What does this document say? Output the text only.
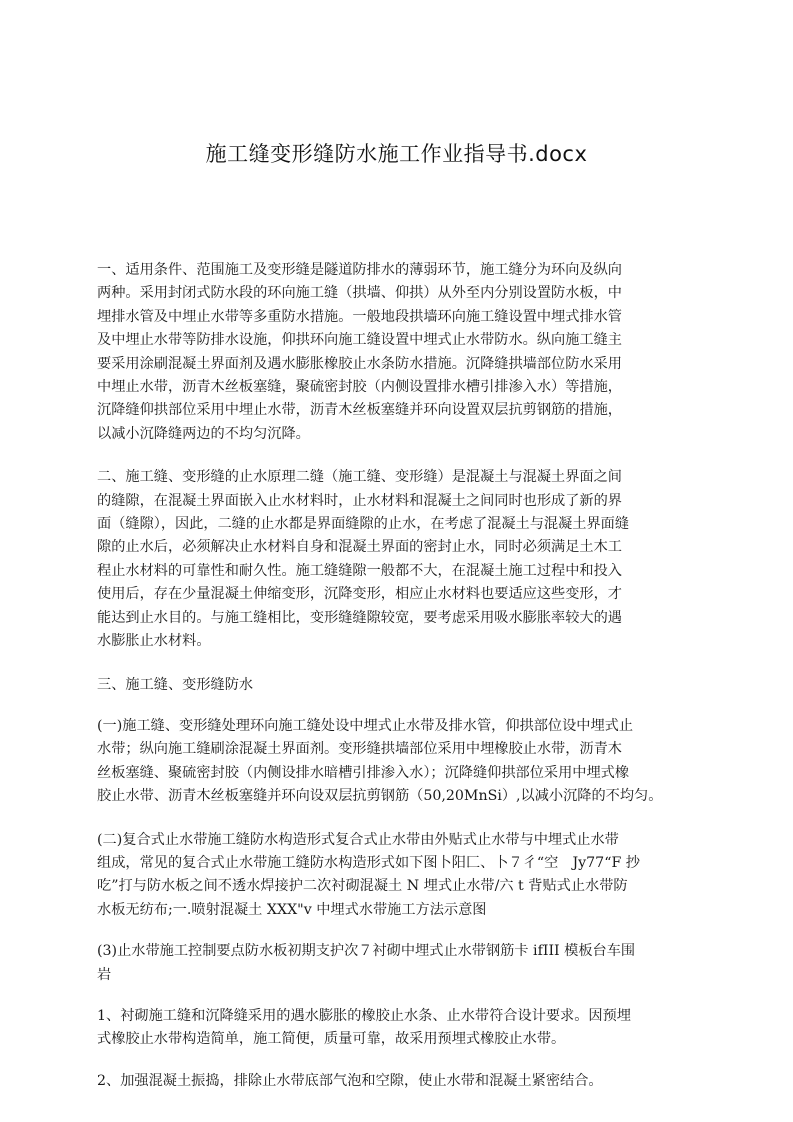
施工缝变形缝防水施工作业指导书.docx

一、适用条件、范围施工及变形缝是隧道防排水的薄弱环节，施工缝分为环向及纵向
两种。采用封闭式防水段的环向施工缝（拱墙、仰拱）从外至内分别设置防水板，中
埋排水管及中埋止水带等多重防水措施。一般地段拱墙环向施工缝设置中埋式排水管
及中埋止水带等防排水设施，仰拱环向施工缝设置中埋式止水带防水。纵向施工缝主
要采用涂刷混凝土界面剂及遇水膨胀橡胶止水条防水措施。沉降缝拱墙部位防水采用
中埋止水带，沥青木丝板塞缝，聚硫密封胶（内侧设置排水槽引排渗入水）等措施，
沉降缝仰拱部位采用中埋止水带，沥青木丝板塞缝并环向设置双层抗剪钢筋的措施，
以减小沉降缝两边的不均匀沉降。

二、施工缝、变形缝的止水原理二缝（施工缝、变形缝）是混凝土与混凝土界面之间
的缝隙，在混凝土界面嵌入止水材料时，止水材料和混凝土之间同时也形成了新的界
面（缝隙），因此，二缝的止水都是界面缝隙的止水，在考虑了混凝土与混凝土界面缝
隙的止水后，必须解决止水材料自身和混凝土界面的密封止水，同时必须满足土木工
程止水材料的可靠性和耐久性。施工缝缝隙一般都不大，在混凝土施工过程中和投入
使用后，存在少量混凝土伸缩变形，沉降变形，相应止水材料也要适应这些变形，才
能达到止水目的。与施工缝相比，变形缝缝隙较宽，要考虑采用吸水膨胀率较大的遇
水膨胀止水材料。

三、施工缝、变形缝防水

(一)施工缝、变形缝处理环向施工缝处设中埋式止水带及排水管，仰拱部位设中埋式止
水带；纵向施工缝刷涂混凝土界面剂。变形缝拱墙部位采用中埋橡胶止水带，沥青木
丝板塞缝、聚硫密封胶（内侧设排水暗槽引排渗入水）；沉降缝仰拱部位采用中埋式橡
胶止水带、沥青木丝板塞缝并环向设双层抗剪钢筋（50,20MnSi）,以减小沉降的不均匀。

(二)复合式止水带施工缝防水构造形式复合式止水带由外贴式止水带与中埋式止水带
组成，常见的复合式止水带施工缝防水构造形式如下图卜阳匚、卜７彳“空　Jy77“F 抄
吃”打与防水板之间不透水焊接护二次衬砌混凝土 N 埋式止水带/六 t 背贴式止水带防
水板无纺布;一.喷射混凝土 XXX"v 中埋式水带施工方法示意图

(3)止水带施工控制要点防水板初期支护次７衬砌中埋式止水带钢筋卡 ifIII 模板台车围
岩

1、衬砌施工缝和沉降缝采用的遇水膨胀的橡胶止水条、止水带符合设计要求。因预埋
式橡胶止水带构造简单，施工简便，质量可靠，故采用预埋式橡胶止水带。

2、加强混凝土振捣，排除止水带底部气泡和空隙，使止水带和混凝土紧密结合。
